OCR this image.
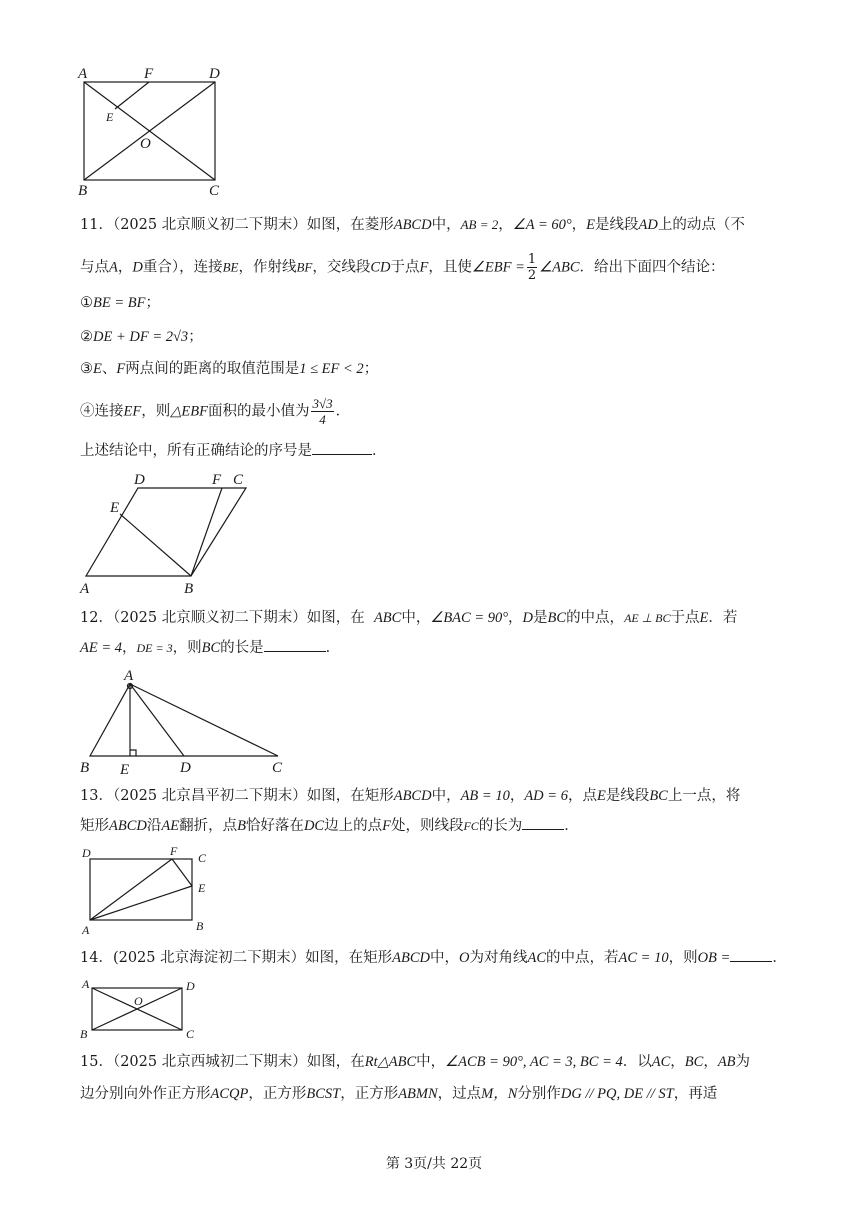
A	F	D
E
O
B	C
11．（2025 北京顺义初二下期末）如图，在菱形ABCD中，AB = 2，∠A = 60°，E是线段AD上的动点（不
与点A，D重合），连接BE，作射线BF，交线段CD于点F，且使∠EBF = $\frac{1}{2}$ ∠ABC．给出下面四个结论：
①BE = BF；
②DE + DF = 2√3；
③E、F两点间的距离的取值范围是1 ≤ EF < 2；
④连接EF，则△EBF面积的最小值为 $\frac{3√3}{4}$ ．
上述结论中，所有正确结论的序号是	．
D	F C
E
A	B
12．（2025 北京顺义初二下期末）如图，在 ABC中，∠BAC = 90°，D是BC的中点，AE ⊥ BC于点E．若
AE = 4，DE = 3，则BC的长是	．
A
B E	D	C
13．（2025 北京昌平初二下期末）如图，在矩形ABCD中，AB = 10，AD = 6，点E是线段BC上一点，将
矩形ABCD沿AE翻折，点B恰好落在DC边上的点F处，则线段FC的长为	．
D	F C
E
A	B
14．(2025 北京海淀初二下期末）如图，在矩形ABCD中，O为对角线AC的中点，若AC = 10，则OB =	．
A	D
O
B	C
15．（2025 北京西城初二下期末）如图，在Rt△ABC中，∠ACB = 90°, AC = 3, BC = 4．以AC，BC，AB为
边分别向外作正方形ACQP，正方形BCST，正方形ABMN，过点M，N分别作DG // PQ, DE // ST，再适
第 3页/共 22页
